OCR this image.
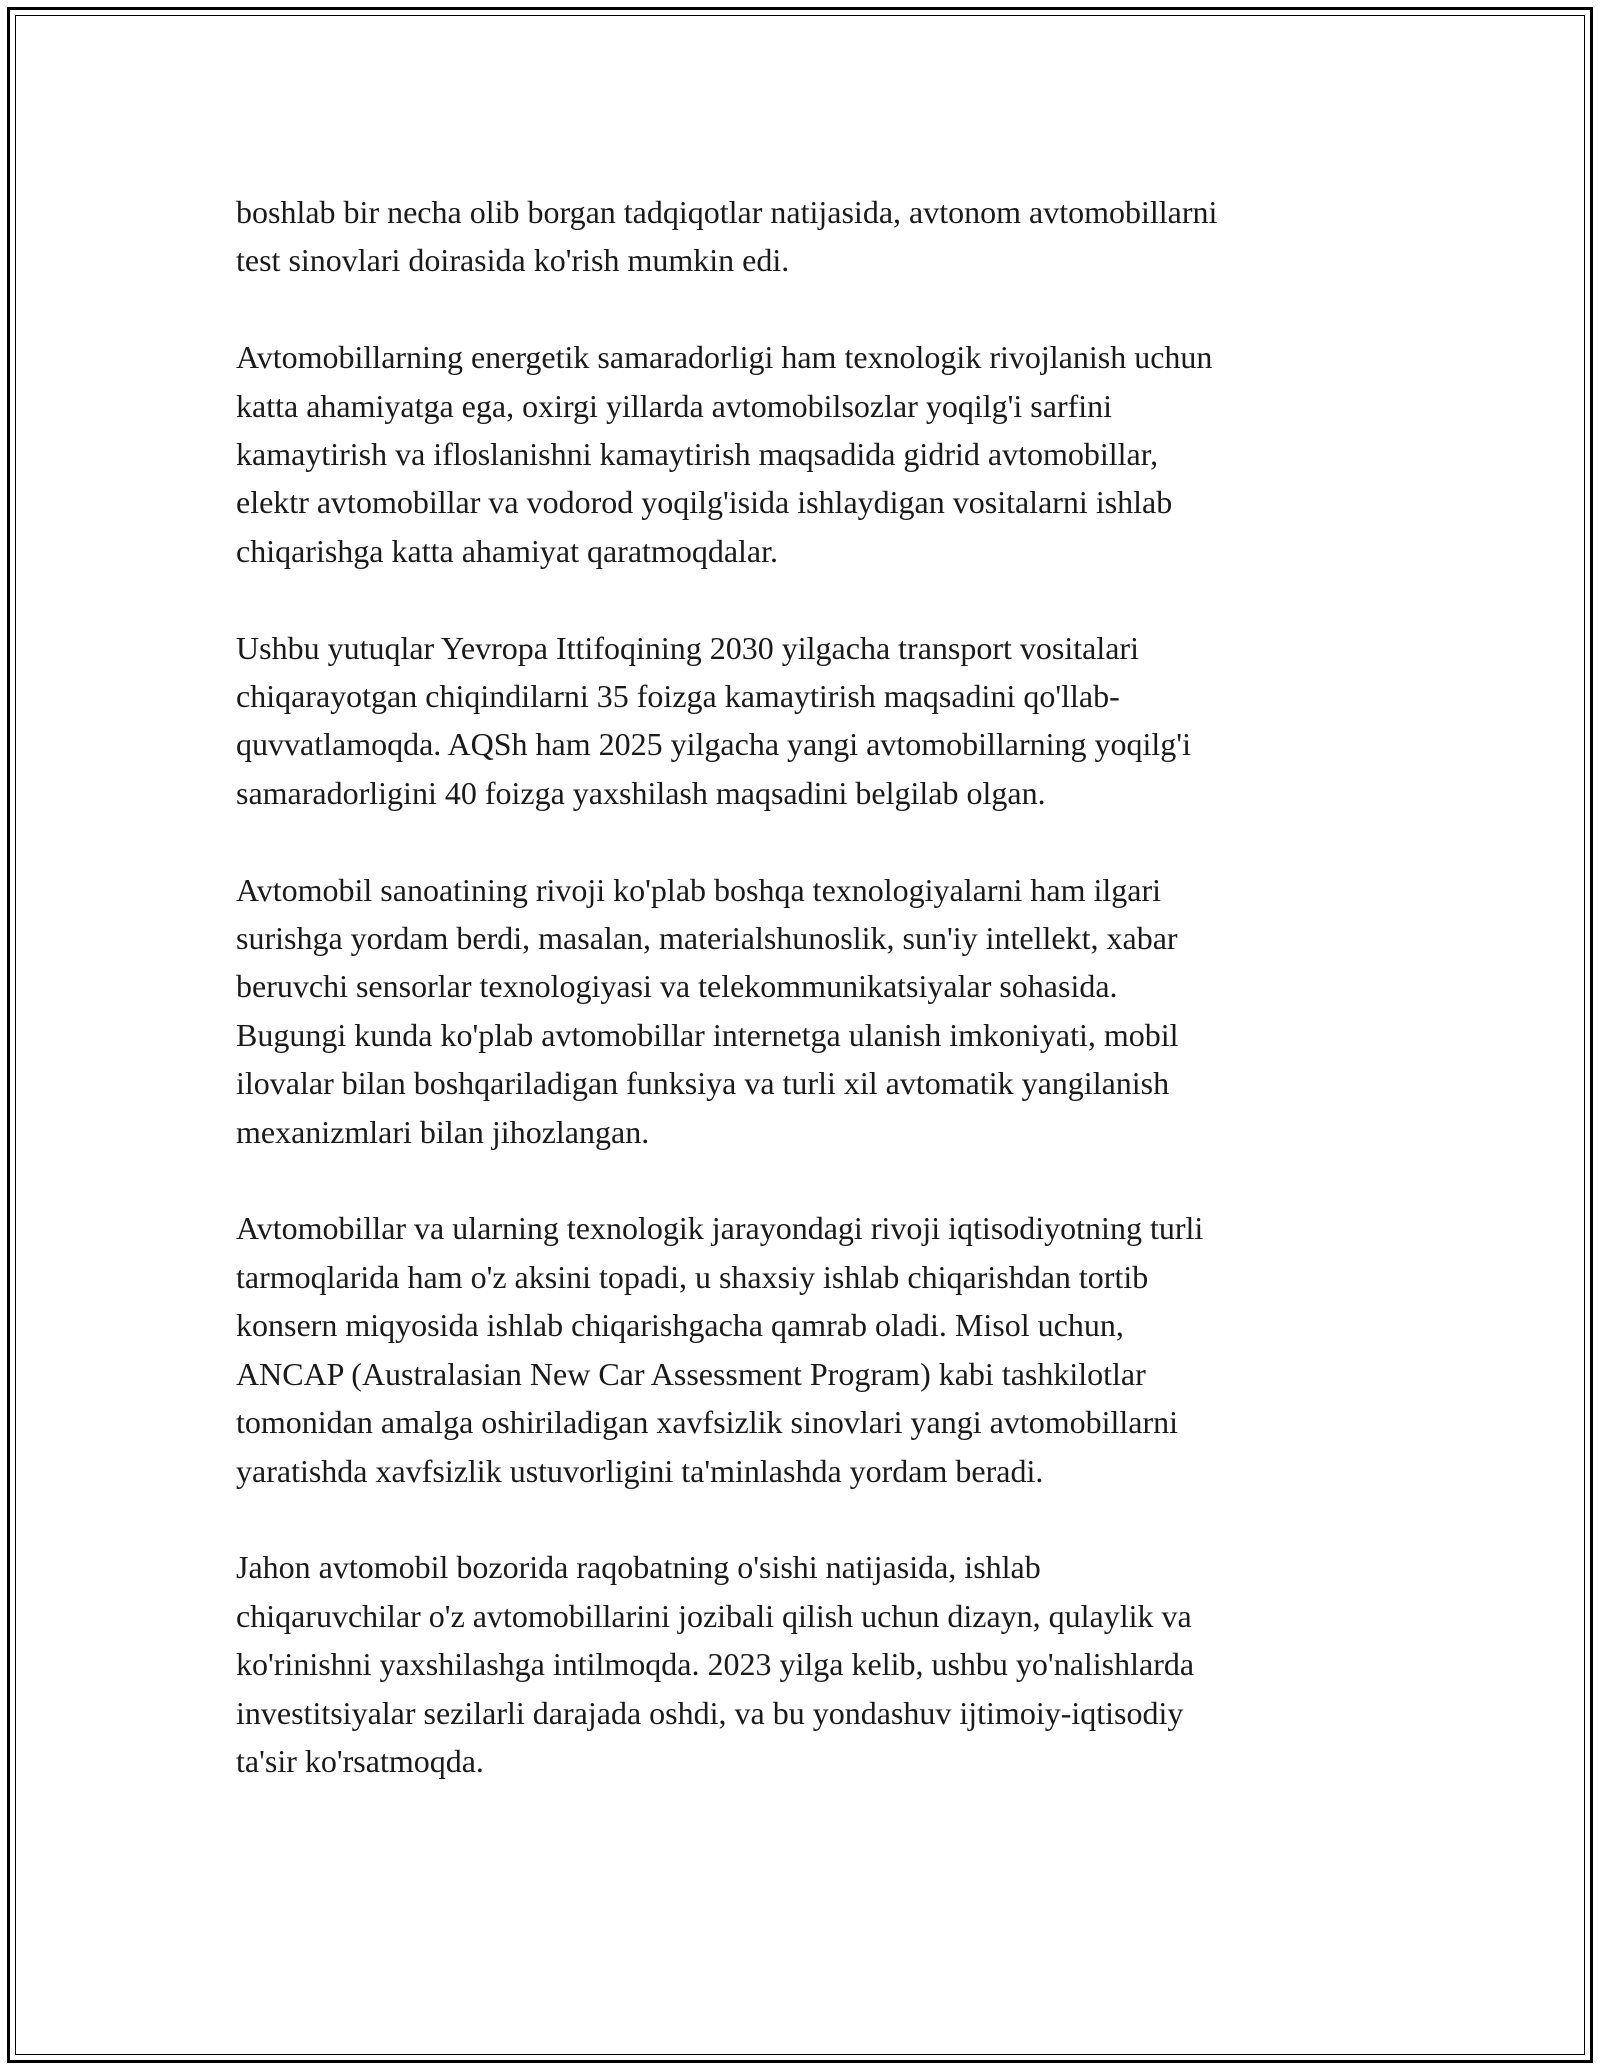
boshlab bir necha olib borgan tadqiqotlar natijasida, avtonom avtomobillarni
test sinovlari doirasida ko'rish mumkin edi.

Avtomobillarning energetik samaradorligi ham texnologik rivojlanish uchun
katta ahamiyatga ega, oxirgi yillarda avtomobilsozlar yoqilg'i sarfini
kamaytirish va ifloslanishni kamaytirish maqsadida gidrid avtomobillar,
elektr avtomobillar va vodorod yoqilg'isida ishlaydigan vositalarni ishlab
chiqarishga katta ahamiyat qaratmoqdalar.

Ushbu yutuqlar Yevropa Ittifoqining 2030 yilgacha transport vositalari
chiqarayotgan chiqindilarni 35 foizga kamaytirish maqsadini qo'llab-
quvvatlamoqda. AQSh ham 2025 yilgacha yangi avtomobillarning yoqilg'i
samaradorligini 40 foizga yaxshilash maqsadini belgilab olgan.

Avtomobil sanoatining rivoji ko'plab boshqa texnologiyalarni ham ilgari
surishga yordam berdi, masalan, materialshunoslik, sun'iy intellekt, xabar
beruvchi sensorlar texnologiyasi va telekommunikatsiyalar sohasida.
Bugungi kunda ko'plab avtomobillar internetga ulanish imkoniyati, mobil
ilovalar bilan boshqariladigan funksiya va turli xil avtomatik yangilanish
mexanizmlari bilan jihozlangan.

Avtomobillar va ularning texnologik jarayondagi rivoji iqtisodiyotning turli
tarmoqlarida ham o'z aksini topadi, u shaxsiy ishlab chiqarishdan tortib
konsern miqyosida ishlab chiqarishgacha qamrab oladi. Misol uchun,
ANCAP (Australasian New Car Assessment Program) kabi tashkilotlar
tomonidan amalga oshiriladigan xavfsizlik sinovlari yangi avtomobillarni
yaratishda xavfsizlik ustuvorligini ta'minlashda yordam beradi.

Jahon avtomobil bozorida raqobatning o'sishi natijasida, ishlab
chiqaruvchilar o'z avtomobillarini jozibali qilish uchun dizayn, qulaylik va
ko'rinishni yaxshilashga intilmoqda. 2023 yilga kelib, ushbu yo'nalishlarda
investitsiyalar sezilarli darajada oshdi, va bu yondashuv ijtimoiy-iqtisodiy
ta'sir ko'rsatmoqda.
